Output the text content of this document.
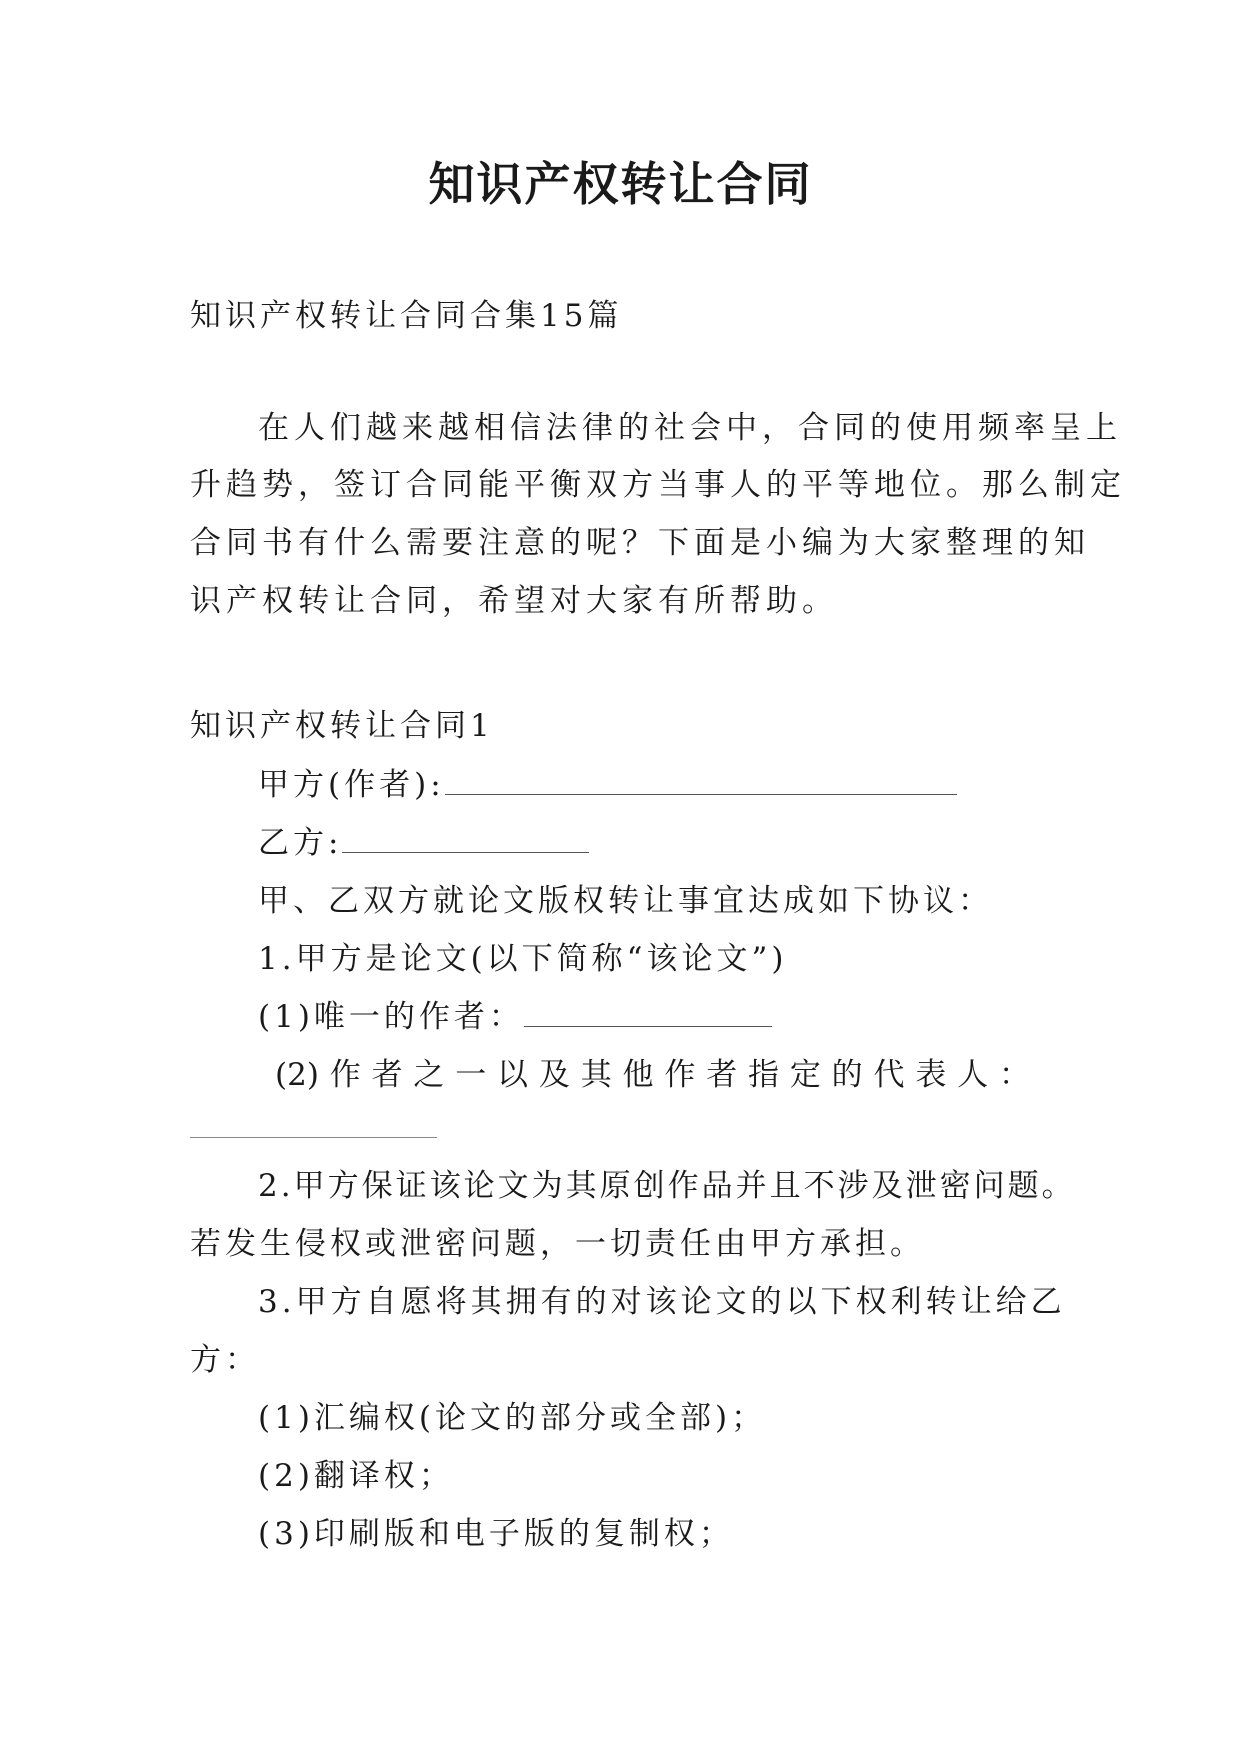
知识产权转让合同
知识产权转让合同合集15篇
在人们越来越相信法律的社会中，合同的使用频率呈上
升趋势，签订合同能平衡双方当事人的平等地位。那么制定
合同书有什么需要注意的呢？下面是小编为大家整理的知
识产权转让合同，希望对大家有所帮助。
知识产权转让合同1
甲方(作者):
乙方:
甲、乙双方就论文版权转让事宜达成如下协议：
1.甲方是论文(以下简称“该论文”)
(1)唯一的作者：
(2)作者之一以及其他作者指定的代表人：
2.甲方保证该论文为其原创作品并且不涉及泄密问题。
若发生侵权或泄密问题，一切责任由甲方承担。
3.甲方自愿将其拥有的对该论文的以下权利转让给乙
方：
(1)汇编权(论文的部分或全部)；
(2)翻译权；
(3)印刷版和电子版的复制权；
